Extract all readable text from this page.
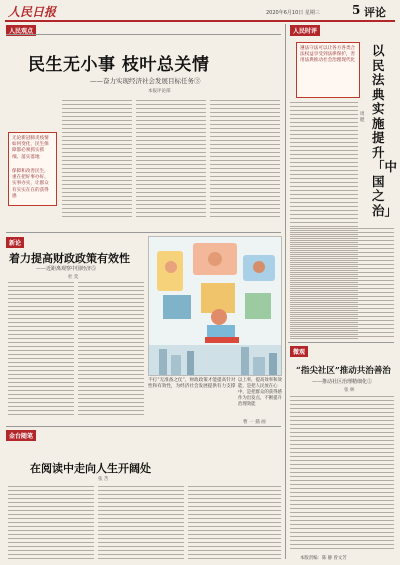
人民日报	2020年6月10日 星期三	5 评论
人民观点
民生无小事 枝叶总关情
——奋力实现经济社会发展目标任务③
本报评论部
无论新冠肺炎疫情如何变化，民生保障都必须抓实抓细、落实落地
保障和改善民生，重在把好事办好、实事办实，让群众有实实在在的获得感
新论
着力提高财政政策有效性
——近距离观察中国经济⑤
杜 奕
不打“无准备之仗”，财政政策才能提高针对性和有效性，为经济社会发展提供有力支撑
以上率，提高效率和效能，是把人民放在心中，是把群众的获得感作为出发点，不断提升治理效能
曹 一 插 画
金台随笔
在阅读中走向人生开阔处
张 苦
人民时评
遵法守法可以让各方各类合法权益享受到法律保护，善用法典推动社会治理现代化
以民法典实施提升「中国之治」
周 健
微观
“指尖社区”推动共治善治
——推动社区治理精细化②
张 林
本版责编：陈 静 曾文芳
